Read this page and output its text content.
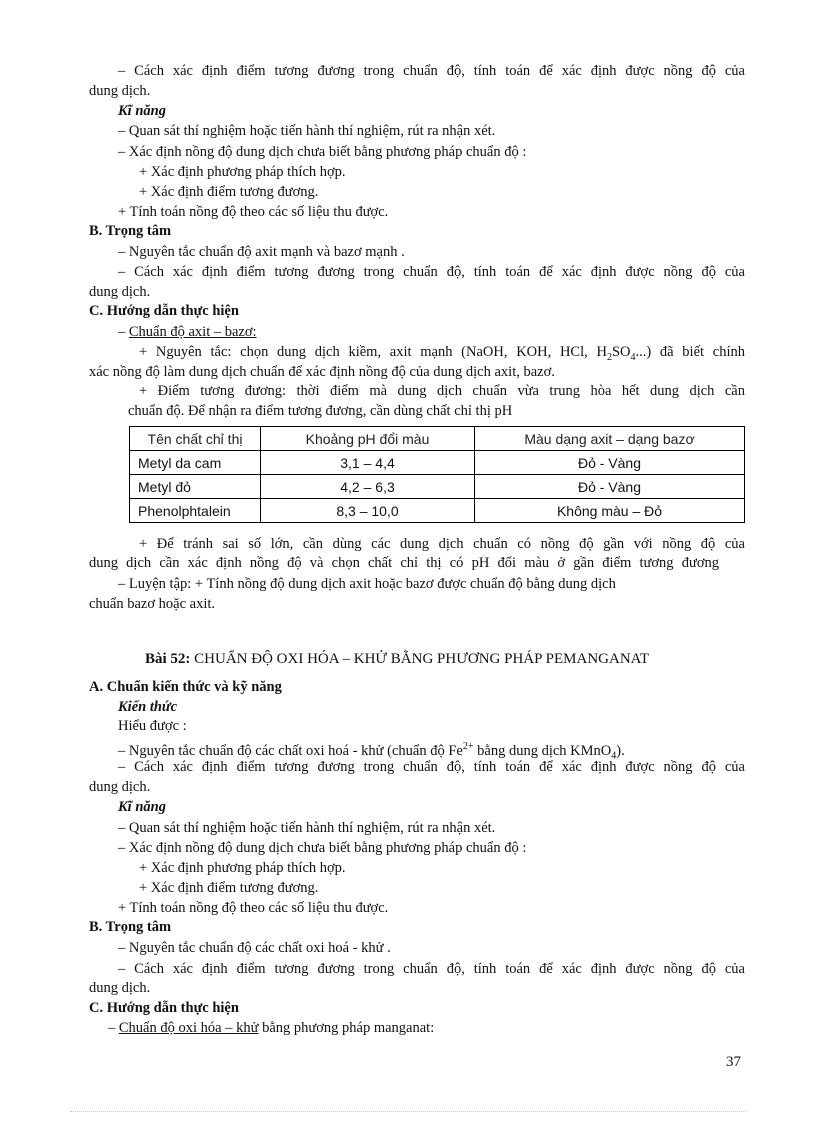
– Cách xác định điểm tương đương trong chuẩn độ, tính toán để xác định được nồng độ của
dung dịch.
Kĩ năng
– Quan sát thí nghiệm hoặc tiến hành thí nghiệm, rút ra nhận xét.
– Xác định nồng độ dung dịch chưa biết bằng phương pháp chuẩn độ :
+ Xác định phương pháp thích hợp.
+ Xác định điểm tương đương.
+ Tính toán nồng độ theo các số liệu thu được.
B. Trọng tâm
– Nguyên tắc chuẩn độ axit mạnh và bazơ mạnh .
– Cách xác định điểm tương đương trong chuẩn độ, tính toán để xác định được nồng độ của
dung dịch.
C. Hướng dẫn thực hiện
– Chuẩn độ axit – bazơ:
+ Nguyên tắc: chọn dung dịch kiềm, axit mạnh (NaOH, KOH, HCl, $H_2SO_4$...) đã biết chính
xác nồng độ làm dung dịch chuẩn để xác định nồng độ của dung dịch axit, bazơ.
+ Điểm tương đương: thời điểm mà dung dịch chuẩn vừa trung hòa hết dung dịch cần
chuẩn độ. Để nhận ra điểm tương đương, cần dùng chất chỉ thị pH
Tên chất chỉ thị	Khoảng pH đổi màu	Màu dạng axit – dạng bazơ
Metyl da cam	3,1 – 4,4	Đỏ - Vàng
Metyl đỏ	4,2 – 6,3	Đỏ - Vàng
Phenolphtalein	8,3 – 10,0	Không màu – Đỏ
+ Để tránh sai số lớn, cần dùng các dung dịch chuẩn có nồng độ gần với nồng độ của
dung dịch cần xác định nồng độ và chọn chất chỉ thị có pH đổi màu ở gần điểm tương đương
– Luyện tập: + Tính nồng độ dung dịch axit hoặc bazơ được chuẩn độ bằng dung dịch
chuẩn bazơ hoặc axit.
Bài 52: CHUẨN ĐỘ OXI HÓA – KHỬ BẰNG PHƯƠNG PHÁP PEMANGANAT
A. Chuẩn kiến thức và kỹ năng
Kiến thức
Hiểu được :
– Nguyên tắc chuẩn độ các chất oxi hoá - khử (chuẩn độ $Fe^{2+}$ bằng dung dịch KMnO$_4$).
– Cách xác định điểm tương đương trong chuẩn độ, tính toán để xác định được nồng độ của
dung dịch.
Kĩ năng
– Quan sát thí nghiệm hoặc tiến hành thí nghiệm, rút ra nhận xét.
– Xác định nồng độ dung dịch chưa biết bằng phương pháp chuẩn độ :
+ Xác định phương pháp thích hợp.
+ Xác định điểm tương đương.
+ Tính toán nồng độ theo các số liệu thu được.
B. Trọng tâm
– Nguyên tắc chuẩn độ các chất oxi hoá - khử .
– Cách xác định điểm tương đương trong chuẩn độ, tính toán để xác định được nồng độ của
dung dịch.
C. Hướng dẫn thực hiện
– Chuẩn độ oxi hóa – khử bằng phương pháp manganat:
37
